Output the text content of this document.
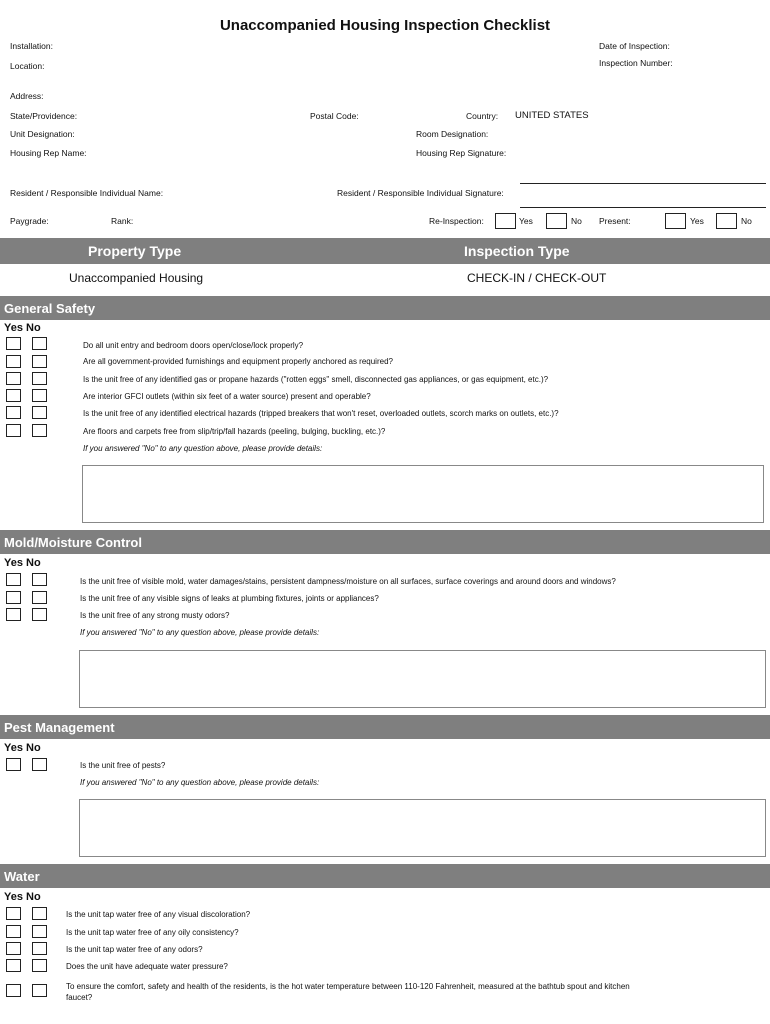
Unaccompanied Housing Inspection Checklist
Installation:
Location:
Date of Inspection:
Inspection Number:
Address:
State/Providence:	Postal Code:	Country: UNITED STATES
Unit Designation:	Room Designation:
Housing Rep Name:	Housing Rep Signature:
Resident / Responsible Individual Name:	Resident / Responsible Individual Signature:
Paygrade:	Rank:	Re-Inspection:	Yes	No Present:	Yes	No
Property Type	Inspection Type
Unaccompanied Housing	CHECK-IN / CHECK-OUT
General Safety
Yes No
Do all unit entry and bedroom doors open/close/lock properly?
Are all government-provided furnishings and equipment properly anchored as required?
Is the unit free of any identified gas or propane hazards ("rotten eggs" smell, disconnected gas appliances, or gas equipment, etc.)?
Are interior GFCI outlets (within six feet of a water source) present and operable?
Is the unit free of any identified electrical hazards (tripped breakers that won't reset, overloaded outlets, scorch marks on outlets, etc.)?
Are floors and carpets free from slip/trip/fall hazards (peeling, bulging, buckling, etc.)?
If you answered "No" to any question above, please provide details:
Mold/Moisture Control
Yes No
Is the unit free of visible mold, water damages/stains, persistent dampness/moisture on all surfaces, surface coverings and around doors and windows?
Is the unit free of any visible signs of leaks at plumbing fixtures, joints or appliances?
Is the unit free of any strong musty odors?
If you answered "No" to any question above, please provide details:
Pest Management
Yes No
Is the unit free of pests?
If you answered "No" to any question above, please provide details:
Water
Yes No
Is the unit tap water free of any visual discoloration?
Is the unit tap water free of any oily consistency?
Is the unit tap water free of any odors?
Does the unit have adequate water pressure?
To ensure the comfort, safety and health of the residents, is the hot water temperature between 110-120 Fahrenheit, measured at the bathtub spout and kitchen
faucet?
